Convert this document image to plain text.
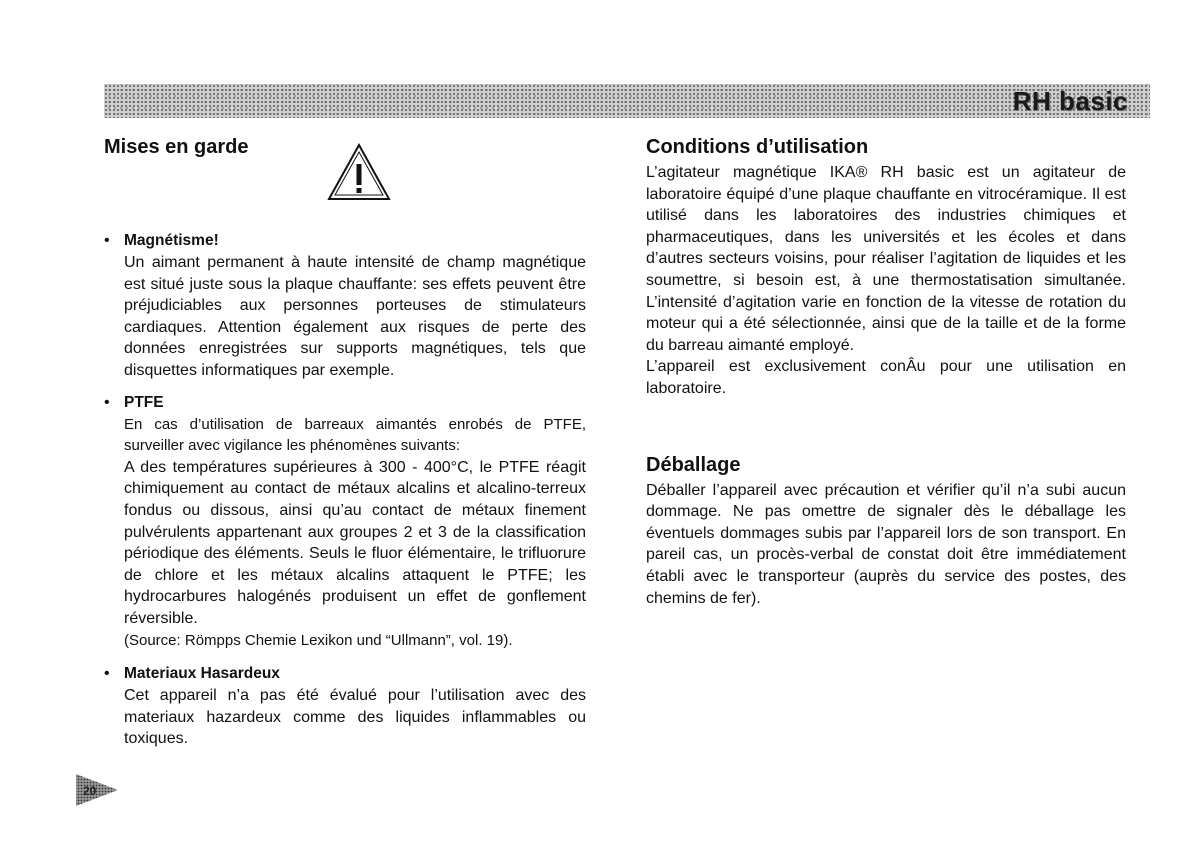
RH basic
Mises en garde
• Magnétisme!

Un aimant permanent à haute intensité de champ magnétique est situé juste sous la plaque chauffante: ses effets peuvent être préjudiciables aux personnes porteuses de stimulateurs cardiaques. Attention également aux risques de perte des données enregistrées sur supports magnétiques, tels que disquettes informatiques par exemple.

• PTFE

En cas d’utilisation de barreaux aimantés enrobés de PTFE, surveiller avec vigilance les phénomènes suivants:

A des températures supérieures à 300 - 400°C, le PTFE réagit chimiquement au contact de métaux alcalins et alcalino-terreux fondus ou dissous, ainsi qu’au contact de métaux finement pulvérulents appartenant aux groupes 2 et 3 de la classification périodique des éléments. Seuls le fluor élémentaire, le trifluorure de chlore et les métaux alcalins attaquent le PTFE; les hydrocarbures halogénés produisent un effet de gonflement réversible.

(Source: Römpps Chemie Lexikon und “Ullmann”, vol. 19).

• Materiaux Hasardeux

Cet appareil n’a pas été évalué pour l’utilisation avec des materiaux hazardeux comme des liquides inflammables ou toxiques.

Conditions d’utilisation

L’agitateur magnétique IKA® RH basic est un agitateur de laboratoire équipé d’une plaque chauffante en vitrocéramique. Il est utilisé dans les laboratoires des industries chimiques et pharmaceutiques, dans les universités et les écoles et dans d’autres secteurs voisins, pour réaliser l’agitation de liquides et les soumettre, si besoin est, à une thermostatisation simultanée. L’intensité d’agitation varie en fonction de la vitesse de rotation du moteur qui a été sélectionnée, ainsi que de la taille et de la forme du barreau aimanté employé.

L’appareil est exclusivement conÂu pour une utilisation en laboratoire.

Déballage

Déballer l’appareil avec précaution et vérifier qu’il n’a subi aucun dommage. Ne pas omettre de signaler dès le déballage les éventuels dommages subis par l’appareil lors de son transport. En pareil cas, un procès-verbal de constat doit être immédiatement établi avec le transporteur (auprès du service des postes, des chemins de fer).

20
